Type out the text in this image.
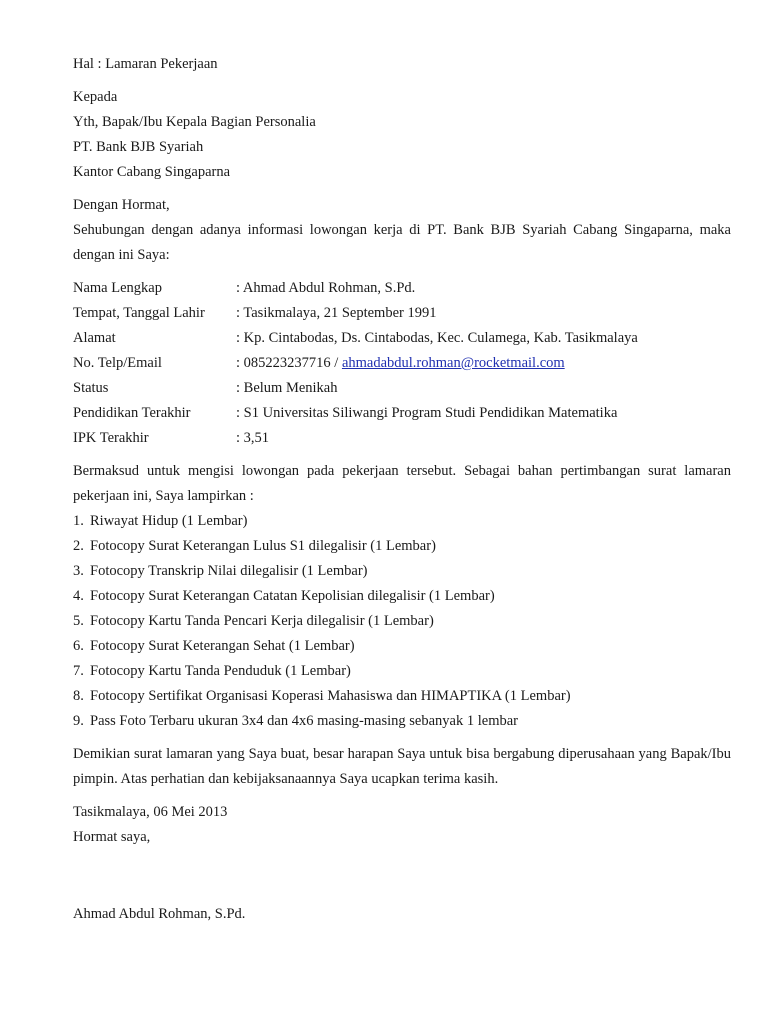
Hal : Lamaran Pekerjaan
Kepada
Yth, Bapak/Ibu Kepala Bagian Personalia
PT. Bank BJB Syariah
Kantor Cabang Singaparna
Dengan Hormat,

Sehubungan dengan adanya informasi lowongan kerja di PT. Bank BJB Syariah Cabang Singaparna, maka dengan ini Saya:

Nama Lengkap	: Ahmad Abdul Rohman, S.Pd.
Tempat, Tanggal Lahir	: Tasikmalaya, 21 September 1991
Alamat	: Kp. Cintabodas, Ds. Cintabodas, Kec. Culamega, Kab. Tasikmalaya
No. Telp/Email	: 085223237716 / ahmadabdul.rohman@rocketmail.com
Status	: Belum Menikah
Pendidikan Terakhir	: S1 Universitas Siliwangi Program Studi Pendidikan Matematika
IPK Terakhir	: 3,51

Bermaksud untuk mengisi lowongan pada pekerjaan tersebut. Sebagai bahan pertimbangan surat lamaran pekerjaan ini, Saya lampirkan :

1. Riwayat Hidup (1 Lembar)
2. Fotocopy Surat Keterangan Lulus S1 dilegalisir (1 Lembar)
3. Fotocopy Transkrip Nilai dilegalisir (1 Lembar)
4. Fotocopy Surat Keterangan Catatan Kepolisian dilegalisir (1 Lembar)
5. Fotocopy Kartu Tanda Pencari Kerja dilegalisir (1 Lembar)
6. Fotocopy Surat Keterangan Sehat (1 Lembar)
7. Fotocopy Kartu Tanda Penduduk (1 Lembar)
8. Fotocopy Sertifikat Organisasi Koperasi Mahasiswa dan HIMAPTIKA (1 Lembar)
9. Pass Foto Terbaru ukuran 3x4 dan 4x6 masing-masing sebanyak 1 lembar

Demikian surat lamaran yang Saya buat, besar harapan Saya untuk bisa bergabung diperusahaan yang Bapak/Ibu pimpin. Atas perhatian dan kebijaksanaannya Saya ucapkan terima kasih.

Tasikmalaya, 06 Mei 2013
Hormat saya,
Ahmad Abdul Rohman, S.Pd.
